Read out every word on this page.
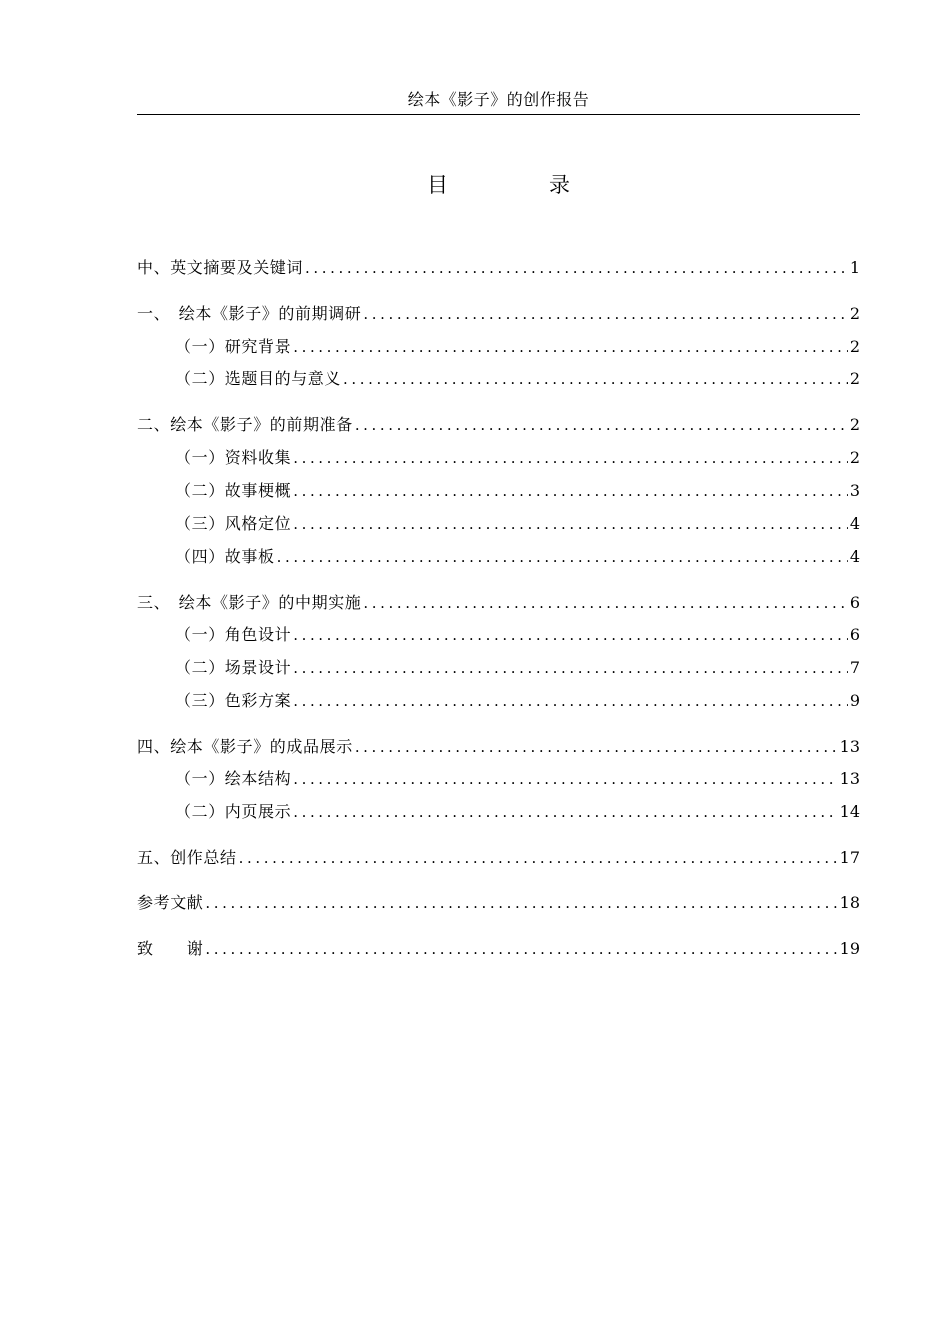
绘本《影子》的创作报告
目　录
中、英文摘要及关键词 .....	1
一、　绘本《影子》的前期调研 .....	2
（一）研究背景 .....	2
（二）选题目的与意义 .....	2
二、绘本《影子》的前期准备 .....	2
（一）资料收集 .....	2
（二）故事梗概 .....	3
（三）风格定位 .....	4
（四）故事板 .....	4
三、　绘本《影子》的中期实施 .....	6
（一）角色设计 .....	6
（二）场景设计 .....	7
（三）色彩方案 .....	9
四、绘本《影子》的成品展示 .....	13
（一）绘本结构 .....	13
（二）内页展示 .....	14
五、创作总结 .....	17
参考文献 .....	18
致　　谢 .....	19
